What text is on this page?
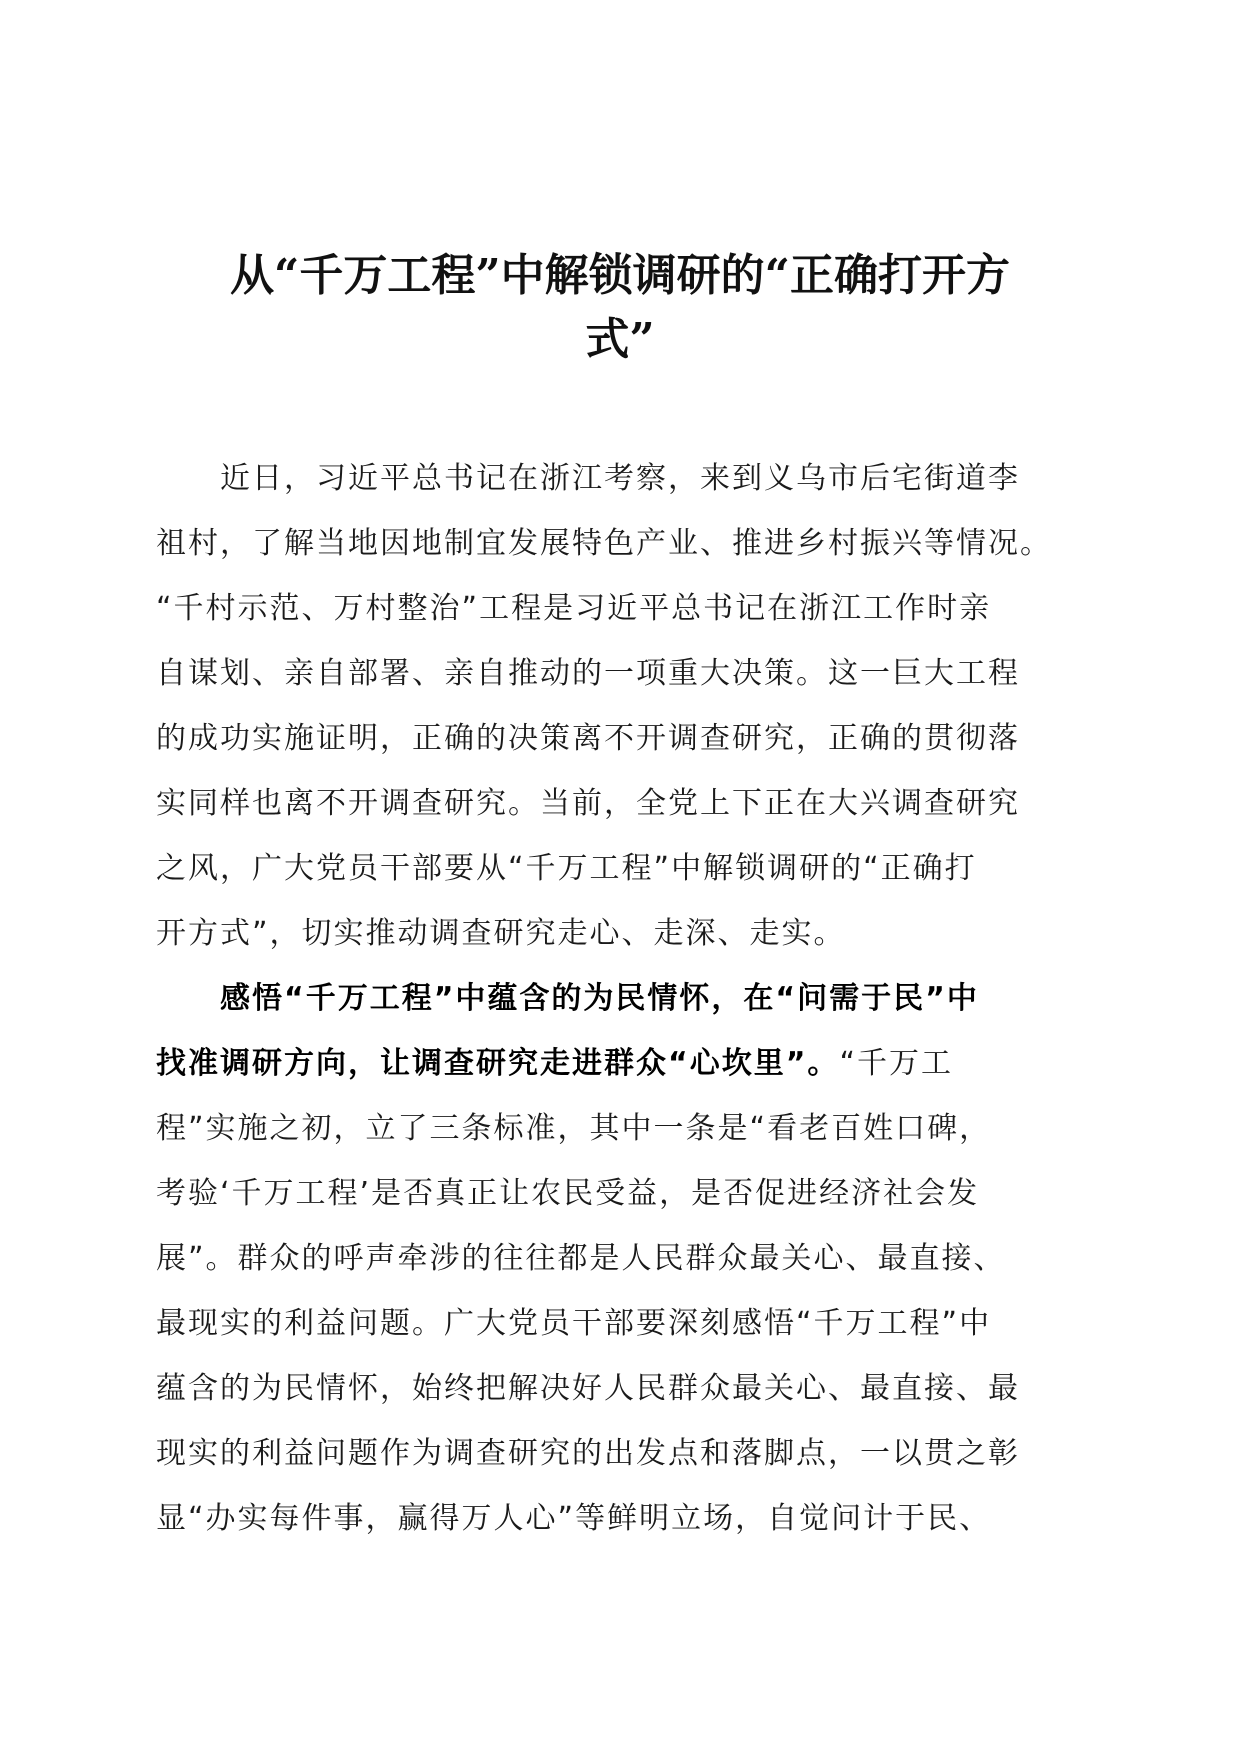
从“千万工程”中解锁调研的“正确打开方
式”
近日，习近平总书记在浙江考察，来到义乌市后宅街道李
祖村，了解当地因地制宜发展特色产业、推进乡村振兴等情况。
“千村示范、万村整治”工程是习近平总书记在浙江工作时亲
自谋划、亲自部署、亲自推动的一项重大决策。这一巨大工程
的成功实施证明，正确的决策离不开调查研究，正确的贯彻落
实同样也离不开调查研究。当前，全党上下正在大兴调查研究
之风，广大党员干部要从“千万工程”中解锁调研的“正确打
开方式”，切实推动调查研究走心、走深、走实。
感悟“千万工程”中蕴含的为民情怀，在“问需于民”中
找准调研方向，让调查研究走进群众“心坎里”。“千万工
程”实施之初，立了三条标准，其中一条是“看老百姓口碑，
考验‘千万工程’是否真正让农民受益，是否促进经济社会发
展”。群众的呼声牵涉的往往都是人民群众最关心、最直接、
最现实的利益问题。广大党员干部要深刻感悟“千万工程”中
蕴含的为民情怀，始终把解决好人民群众最关心、最直接、最
现实的利益问题作为调查研究的出发点和落脚点，一以贯之彰
显“办实每件事，赢得万人心”等鲜明立场，自觉问计于民、
